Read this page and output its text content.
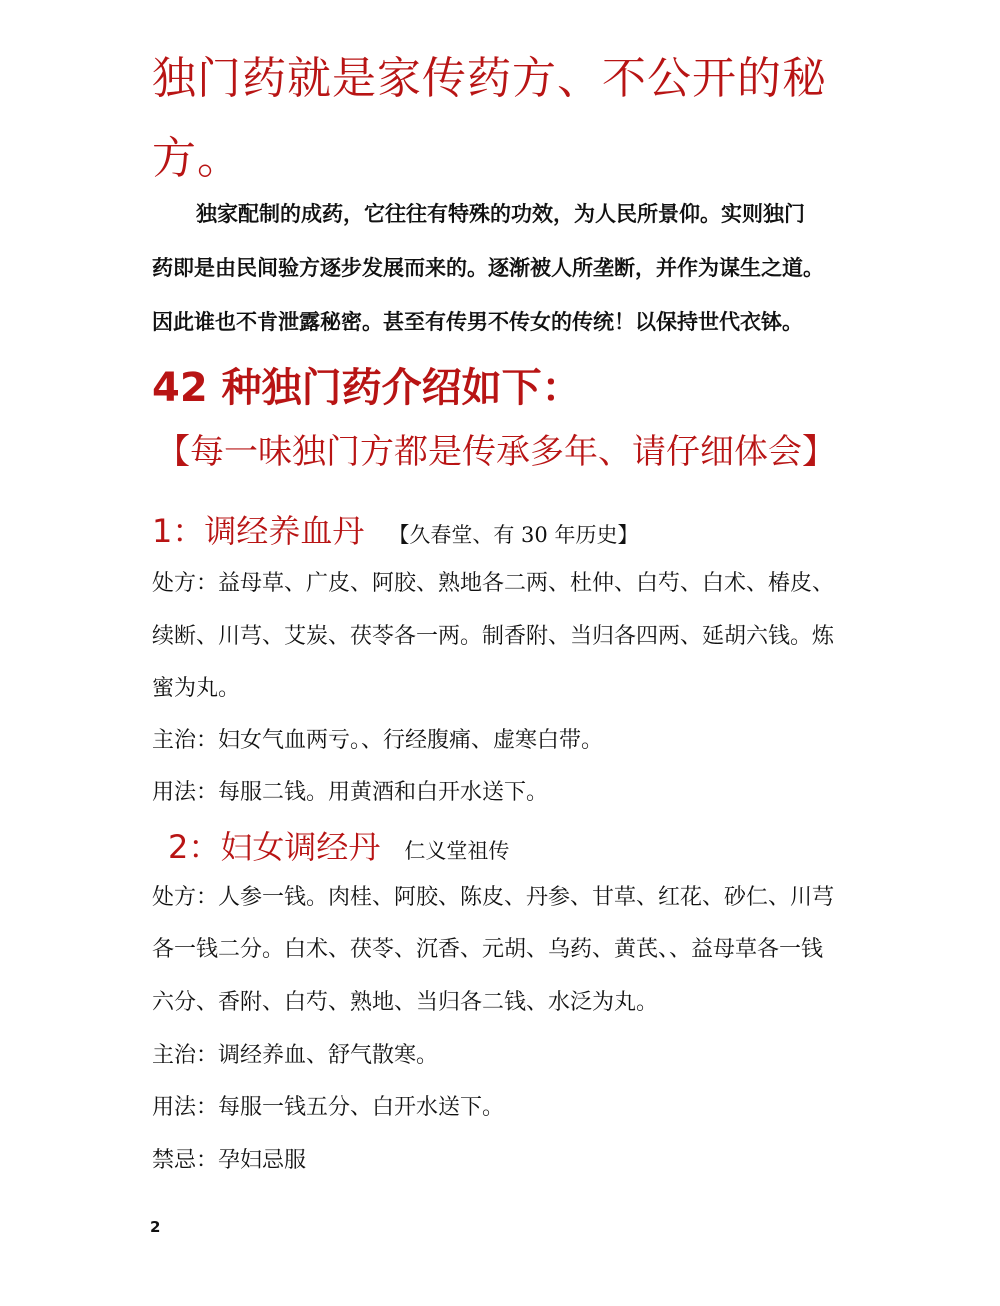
独门药就是家传药方、不公开的秘
方。
独家配制的成药，它往往有特殊的功效，为人民所景仰。实则独门
药即是由民间验方逐步发展而来的。逐渐被人所垄断，并作为谋生之道。
因此谁也不肯泄露秘密。甚至有传男不传女的传统！以保持世代衣钵。
42 种独门药介绍如下：
【每一味独门方都是传承多年、请仔细体会】
1：调经养血丹 【久春堂、有 30 年历史】
处方：益母草、广皮、阿胶、熟地各二两、杜仲、白芍、白术、椿皮、
续断、川芎、艾炭、茯苓各一两。制香附、当归各四两、延胡六钱。炼
蜜为丸。
主治：妇女气血两亏。、行经腹痛、虚寒白带。
用法：每服二钱。用黄酒和白开水送下。
2：妇女调经丹 仁义堂祖传
处方：人参一钱。肉桂、阿胶、陈皮、丹参、甘草、红花、砂仁、川芎
各一钱二分。白术、茯苓、沉香、元胡、乌药、黄芪、、益母草各一钱
六分、香附、白芍、熟地、当归各二钱、水泛为丸。
主治：调经养血、舒气散寒。
用法：每服一钱五分、白开水送下。
禁忌：孕妇忌服
2
